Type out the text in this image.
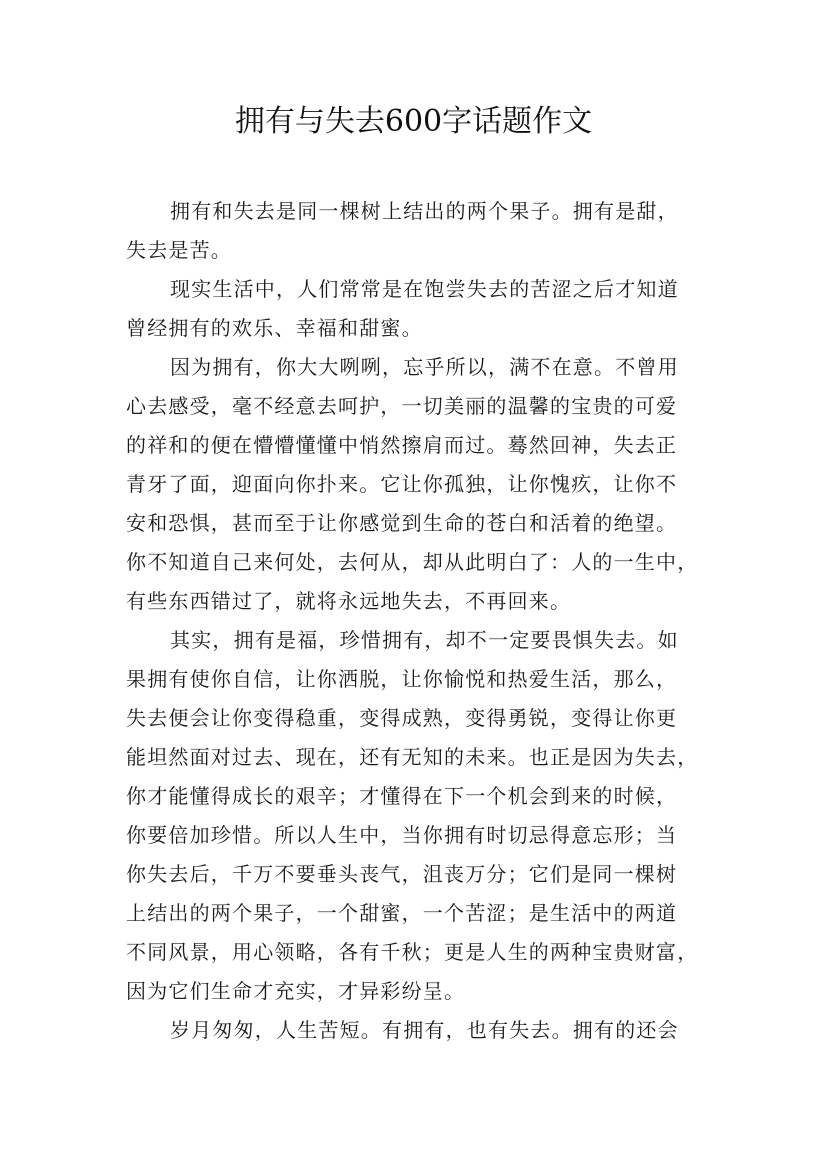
拥有与失去600字话题作文
拥有和失去是同一棵树上结出的两个果子。拥有是甜，
失去是苦。
现实生活中，人们常常是在饱尝失去的苦涩之后才知道
曾经拥有的欢乐、幸福和甜蜜。
因为拥有，你大大咧咧，忘乎所以，满不在意。不曾用
心去感受，毫不经意去呵护，一切美丽的温馨的宝贵的可爱
的祥和的便在懵懵懂懂中悄然擦肩而过。蓦然回神，失去正
青牙了面，迎面向你扑来。它让你孤独，让你愧疚，让你不
安和恐惧，甚而至于让你感觉到生命的苍白和活着的绝望。
你不知道自己来何处，去何从，却从此明白了：人的一生中，
有些东西错过了，就将永远地失去，不再回来。
其实，拥有是福，珍惜拥有，却不一定要畏惧失去。如
果拥有使你自信，让你洒脱，让你愉悦和热爱生活，那么，
失去便会让你变得稳重，变得成熟，变得勇锐，变得让你更
能坦然面对过去、现在，还有无知的未来。也正是因为失去，
你才能懂得成长的艰辛；才懂得在下一个机会到来的时候，
你要倍加珍惜。所以人生中，当你拥有时切忌得意忘形；当
你失去后，千万不要垂头丧气，沮丧万分；它们是同一棵树
上结出的两个果子，一个甜蜜，一个苦涩；是生活中的两道
不同风景，用心领略，各有千秋；更是人生的两种宝贵财富，
因为它们生命才充实，才异彩纷呈。
岁月匆匆，人生苦短。有拥有，也有失去。拥有的还会
